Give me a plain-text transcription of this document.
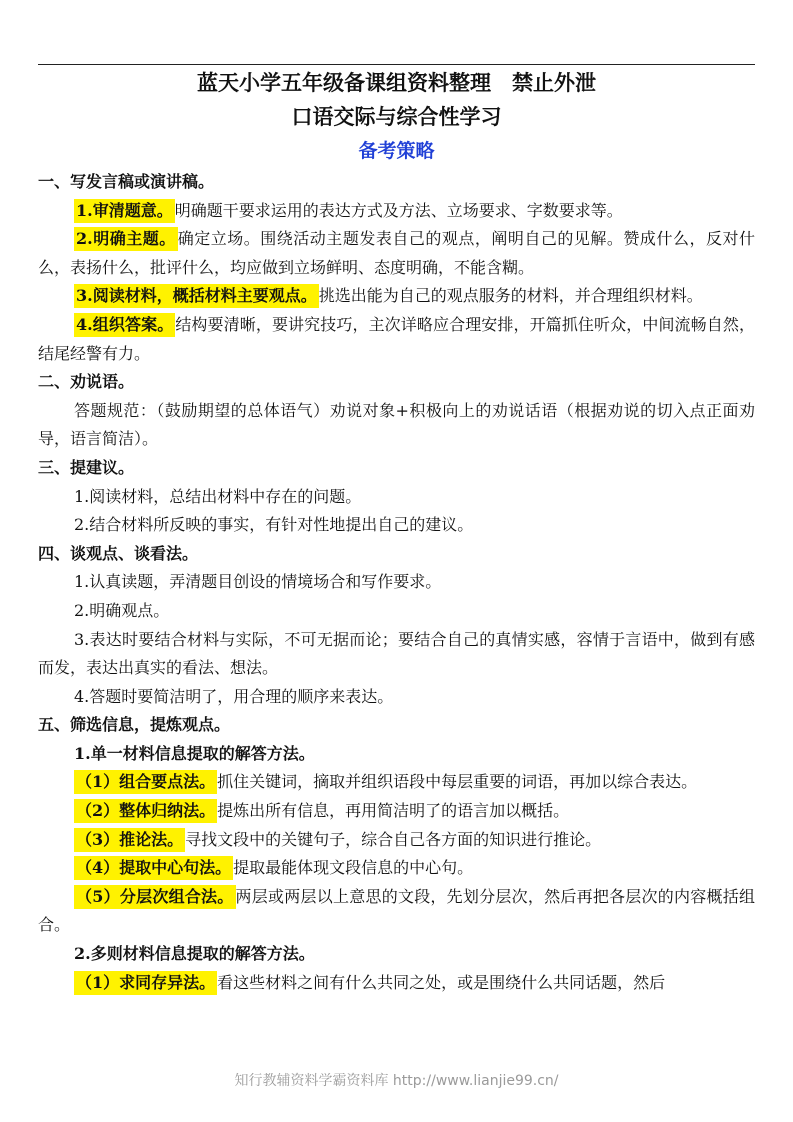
蓝天小学五年级备课组资料整理　禁止外泄
口语交际与综合性学习
备考策略
一、写发言稿或演讲稿。
1.审清题意。 明确题干要求运用的表达方式及方法、立场要求、字数要求等。
2.明确主题。 确定立场。围绕活动主题发表自己的观点，阐明自己的见解。赞成什么，反对什么，表扬什么，批评什么，均应做到立场鲜明、态度明确，不能含糊。
3.阅读材料，概括材料主要观点。 挑选出能为自己的观点服务的材料，并合理组织材料。
4.组织答案。 结构要清晰，要讲究技巧，主次详略应合理安排，开篇抓住听众，中间流畅自然，结尾经警有力。
二、劝说语。
答题规范：（鼓励期望的总体语气）劝说对象+积极向上的劝说话语（根据劝说的切入点正面劝导，语言简洁）。
三、提建议。
1.阅读材料，总结出材料中存在的问题。
2.结合材料所反映的事实，有针对性地提出自己的建议。
四、谈观点、谈看法。
1.认真读题，弄清题目创设的情境场合和写作要求。
2.明确观点。
3.表达时要结合材料与实际，不可无据而论；要结合自己的真情实感，容情于言语中，做到有感而发，表达出真实的看法、想法。
4.答题时要简洁明了，用合理的顺序来表达。
五、筛选信息，提炼观点。
1.单一材料信息提取的解答方法。
（1）组合要点法。 抓住关键词，摘取并组织语段中每层重要的词语，再加以综合表达。
（2）整体归纳法。 提炼出所有信息，再用简洁明了的语言加以概括。
（3）推论法。 寻找文段中的关键句子，综合自己各方面的知识进行推论。
（4）提取中心句法。 提取最能体现文段信息的中心句。
（5）分层次组合法。 两层或两层以上意思的文段，先划分层次，然后再把各层次的内容概括组合。
2.多则材料信息提取的解答方法。
（1）求同存异法。 看这些材料之间有什么共同之处，或是围绕什么共同话题，然后
知行教辅资料学霸资料库 http://www.lianjie99.cn/
